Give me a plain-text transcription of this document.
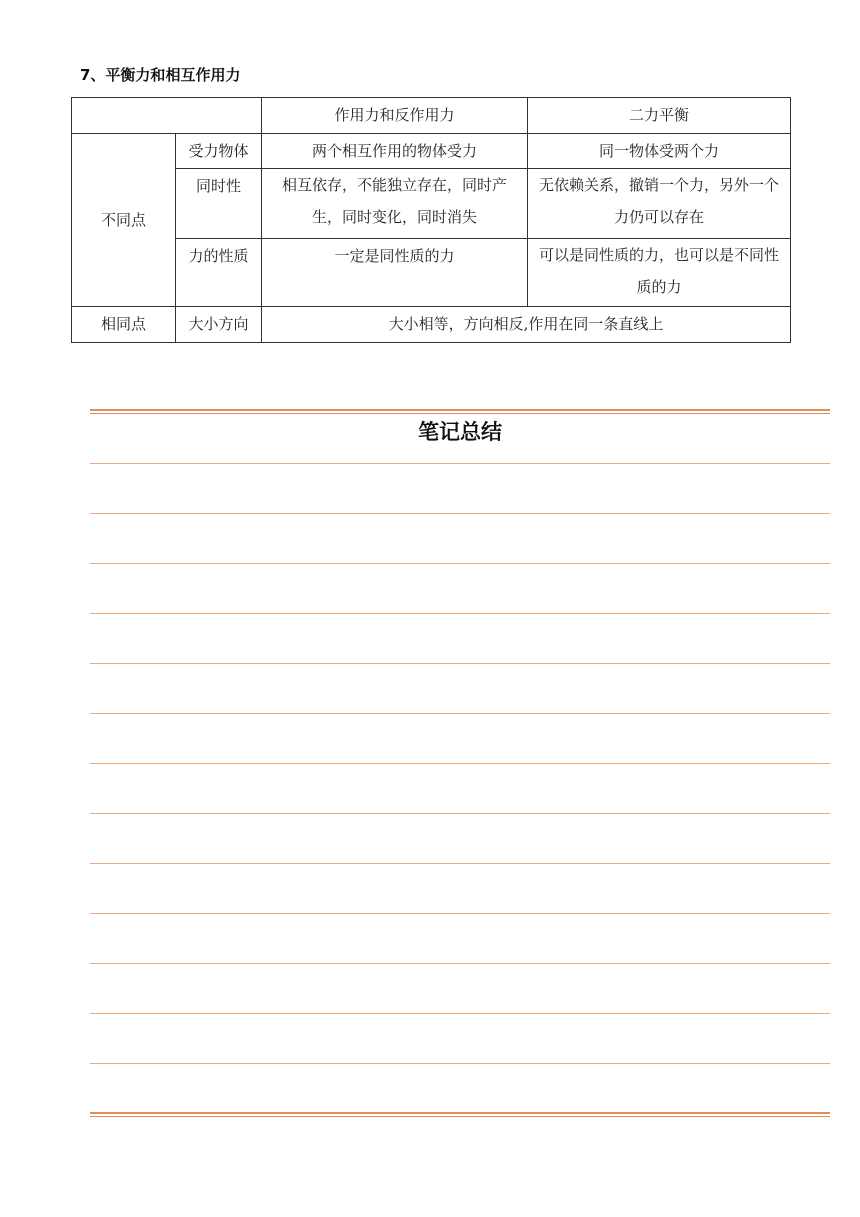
7、平衡力和相互作用力
		作用力和反作用力	二力平衡
不同点	受力物体	两个相互作用的物体受力	同一物体受两个力
	同时性	相互依存，不能独立存在，同时产生，同时变化，同时消失	无依赖关系，撤销一个力，另外一个力仍可以存在
	力的性质	一定是同性质的力	可以是同性质的力，也可以是不同性质的力
相同点	大小方向	大小相等，方向相反,作用在同一条直线上	
笔记总结
